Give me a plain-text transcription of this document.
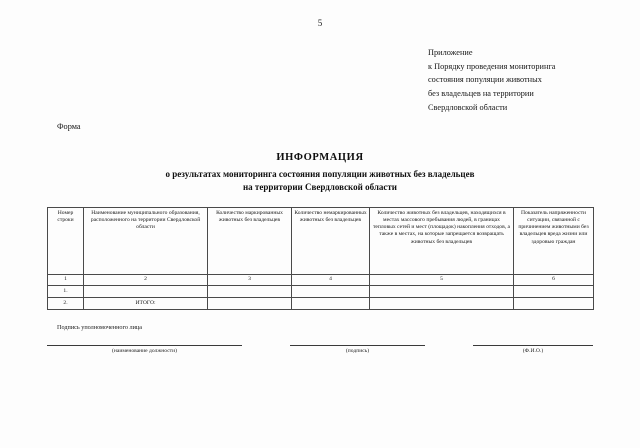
5
Приложение
к Порядку проведения мониторинга
состояния популяции животных
без владельцев на территории
Свердловской области
Форма
ИНФОРМАЦИЯ
о результатах мониторинга состояния популяции животных без владельцев
на территории Свердловской области
Номер строки	Наименование муниципального образования, расположенного на территории Свердловской области	Количество маркированных животных без владельцев	Количество немаркированных животных без владельцев	Количество животных без владельцев, находящихся в местах массового пребывания людей, в границах тепловых сетей и мест (площадок) накопления отходов, а также в местах, на которые запрещается возвращать животных без владельцев	Показатель напряженности ситуации, связанной с причинением животными без владельцев вреда жизни или здоровью граждан
1	2	3	4	5	6
1.					
2.	ИТОГО:				
Подпись уполномоченного лица
(наименование должности)	(подпись)	(Ф.И.О.)
